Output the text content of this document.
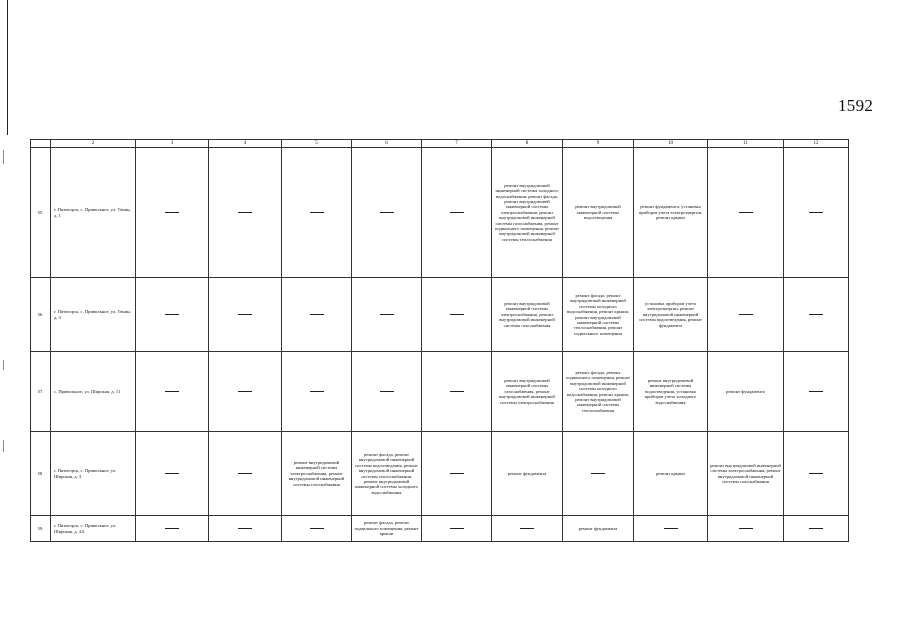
1592
	2	3	4	5	6	7	8	9	10	11	12
55.	г. Пятигорск, с. Привольное, ул. Тенин, д. 1						ремонт внутридомовой инженерной системы холодного водоснабжения, ремонт фасада, ремонт внутридомовой инженерной системы электроснабжения, ремонт внутридомовой инженерной системы газоснабжения, ремонт подвального помещения, ремонт внутридомовой инженерной системы теплоснабжения	ремонт внутридомовой инженерной системы водоотведения	ремонт фундамента, установка приборов учета электроэнергии, ремонт крыши	

56.	г. Пятигорск, с. Привольное, ул. Тенин, д. 3						ремонт внутридомовой инженерной системы электроснабжения, ремонт внутридомовой инженерной системы газоснабжения	ремонт фасада, ремонт внутридомовой инженерной системы холодного водоснабжения, ремонт крыши, ремонт внутридомовой инженерной системы теплоснабжения, ремонт подвального помещения	установка приборов учета электроэнергии, ремонт внутридомовой инженерной системы водоотведения, ремонт фундамента	

57.	с. Привольное, ул. Широкая, д. 11						ремонт внутридомовой инженерной системы газоснабжения, ремонт внутридомовой инженерной системы электроснабжения	ремонт фасада, ремонт подвального помещения, ремонт внутридомовой инженерной системы холодного водоснабжения, ремонт крыши, ремонт внутридомовой инженерной системы теплоснабжения	ремонт внутридомовой инженерной системы водоотведения, установка приборов учета холодного водоснабжения	ремонт фундамента	

58.	г. Пятигорск, с. Привольное, ул. Широкая, д. 3			ремонт внутридомовой инженерной системы электроснабжения, ремонт внутридомовой инженерной системы газоснабжения	ремонт фасада, ремонт внутридомовой инженерной системы водоотведения, ремонт внутридомовой инженерной системы теплоснабжения, ремонт внутридомовой инженерной системы холодного водоснабжения		ремонт фундамента		ремонт крыши	ремонт внутридомовой инженерной системы электроснабжения, ремонт внутридомовой инженерной системы газоснабжения	

59.	г. Пятигорск, с. Привольное, ул. Широкая, д. 4А				ремонт фасада, ремонт подвального помещения, ремонт крыши			ремонт фундамента	
